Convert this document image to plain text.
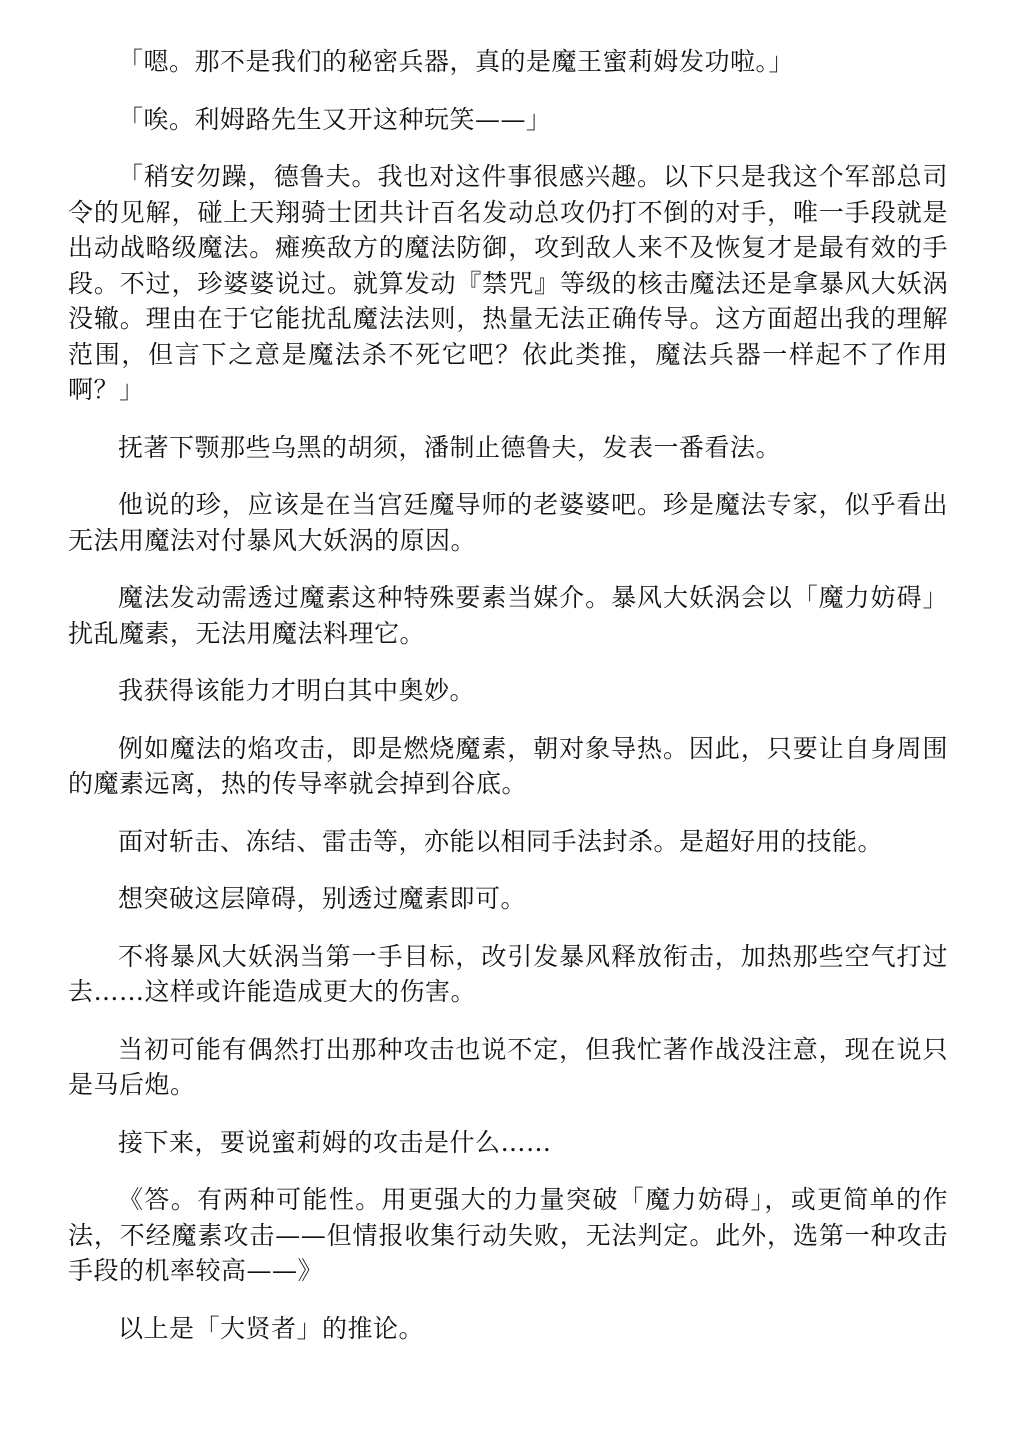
「嗯。那不是我们的秘密兵器，真的是魔王蜜莉姆发功啦。」

「唉。利姆路先生又开这种玩笑——」

「稍安勿躁，德鲁夫。我也对这件事很感兴趣。以下只是我这个军部总司令的见解，碰上天翔骑士团共计百名发动总攻仍打不倒的对手，唯一手段就是出动战略级魔法。瘫痪敌方的魔法防御，攻到敌人来不及恢复才是最有效的手段。不过，珍婆婆说过。就算发动『禁咒』等级的核击魔法还是拿暴风大妖涡没辙。理由在于它能扰乱魔法法则，热量无法正确传导。这方面超出我的理解范围，但言下之意是魔法杀不死它吧？依此类推，魔法兵器一样起不了作用啊？」

抚著下颚那些乌黑的胡须，潘制止德鲁夫，发表一番看法。

他说的珍，应该是在当宫廷魔导师的老婆婆吧。珍是魔法专家，似乎看出无法用魔法对付暴风大妖涡的原因。

魔法发动需透过魔素这种特殊要素当媒介。暴风大妖涡会以「魔力妨碍」扰乱魔素，无法用魔法料理它。

我获得该能力才明白其中奥妙。

例如魔法的焰攻击，即是燃烧魔素，朝对象导热。因此，只要让自身周围的魔素远离，热的传导率就会掉到谷底。

面对斩击、冻结、雷击等，亦能以相同手法封杀。是超好用的技能。

想突破这层障碍，别透过魔素即可。

不将暴风大妖涡当第一手目标，改引发暴风释放衔击，加热那些空气打过去……这样或许能造成更大的伤害。

当初可能有偶然打出那种攻击也说不定，但我忙著作战没注意，现在说只是马后炮。

接下来，要说蜜莉姆的攻击是什么……

《答。有两种可能性。用更强大的力量突破「魔力妨碍」，或更简单的作法，不经魔素攻击——但情报收集行动失败，无法判定。此外，选第一种攻击手段的机率较高——》

以上是「大贤者」的推论。
